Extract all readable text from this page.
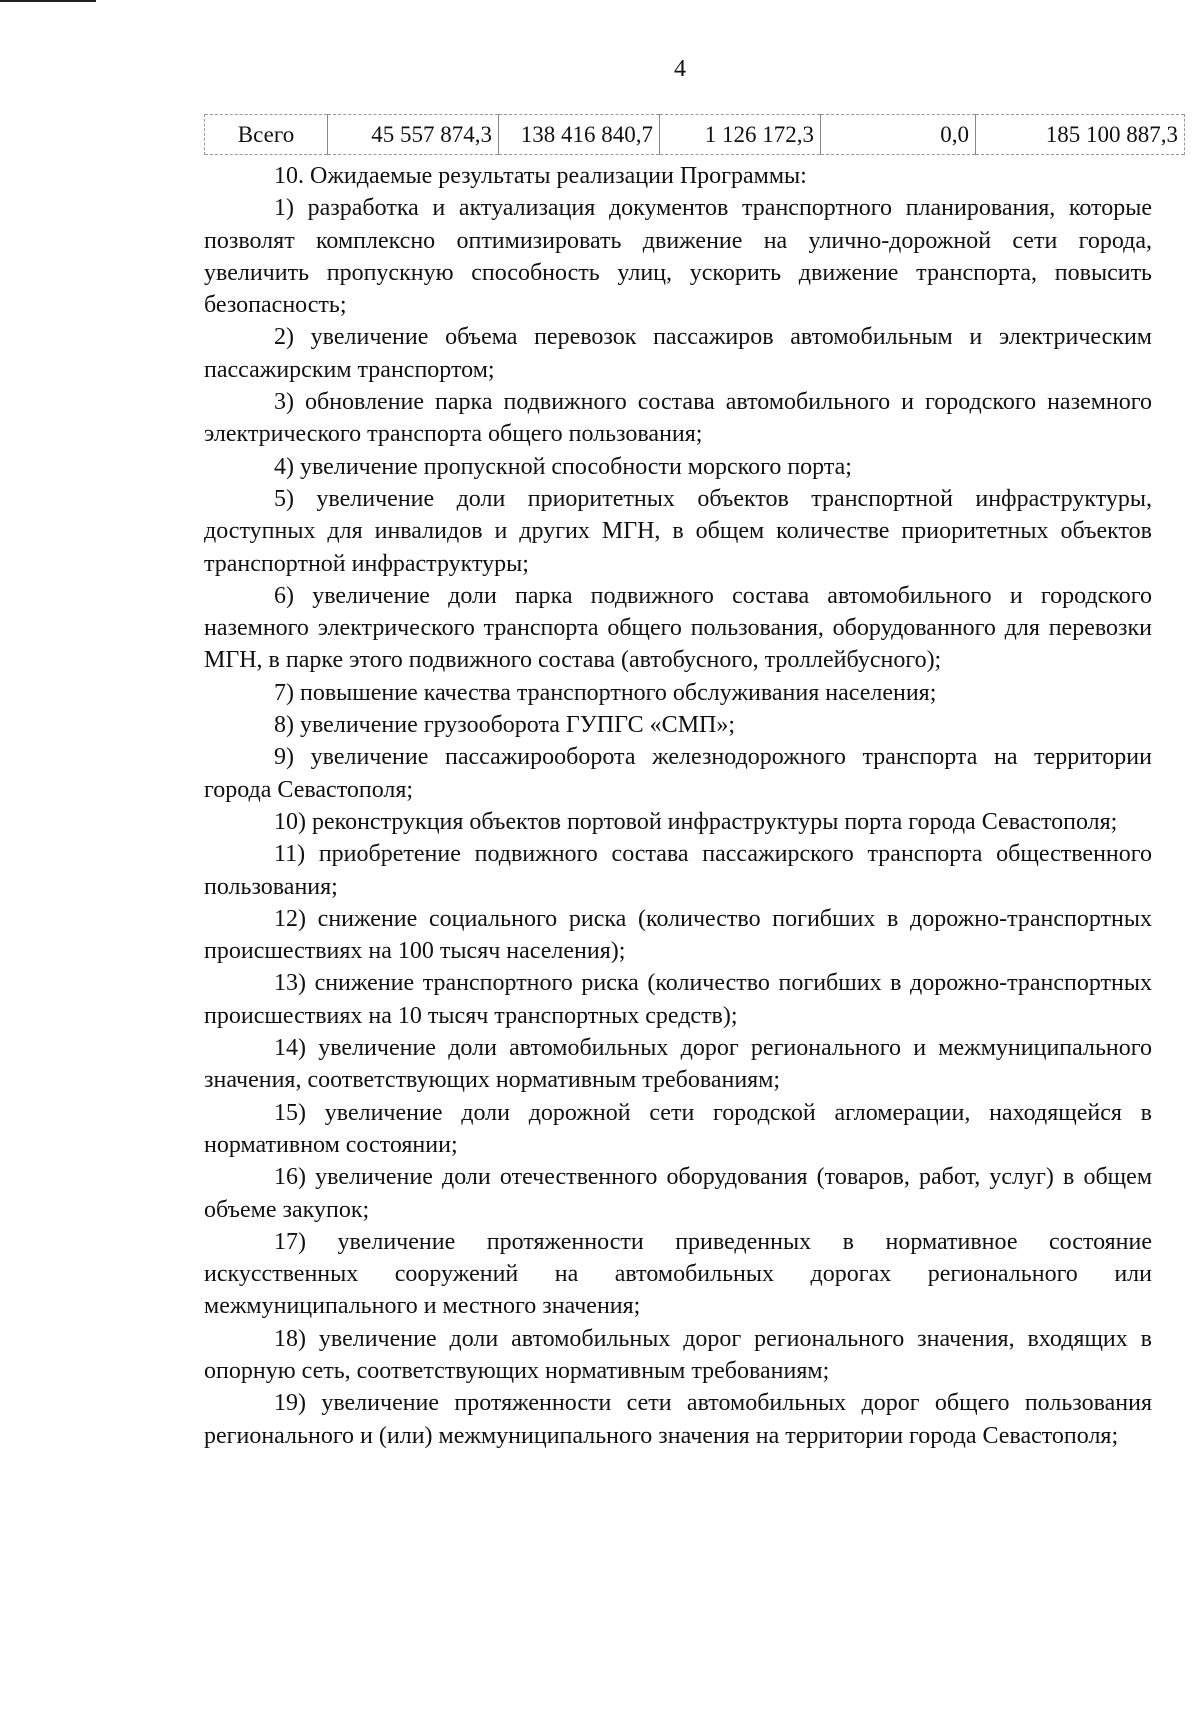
4
Всего	45 557 874,3	138 416 840,7	1 126 172,3	0,0	185 100 887,3

10. Ожидаемые результаты реализации Программы:

1) разработка и актуализация документов транспортного планирования, которые позволят комплексно оптимизировать движение на улично-дорожной сети города, увеличить пропускную способность улиц, ускорить движение транспорта, повысить безопасность;

2) увеличение объема перевозок пассажиров автомобильным и электрическим пассажирским транспортом;

3) обновление парка подвижного состава автомобильного и городского наземного электрического транспорта общего пользования;

4) увеличение пропускной способности морского порта;

5) увеличение доли приоритетных объектов транспортной инфраструктуры, доступных для инвалидов и других МГН, в общем количестве приоритетных объектов транспортной инфраструктуры;

6) увеличение доли парка подвижного состава автомобильного и городского наземного электрического транспорта общего пользования, оборудованного для перевозки МГН, в парке этого подвижного состава (автобусного, троллейбусного);

7) повышение качества транспортного обслуживания населения;

8) увеличение грузооборота ГУПГС «СМП»;

9) увеличение пассажирооборота железнодорожного транспорта на территории города Севастополя;

10) реконструкция объектов портовой инфраструктуры порта города Севастополя;

11) приобретение подвижного состава пассажирского транспорта общественного пользования;

12) снижение социального риска (количество погибших в дорожно-транспортных происшествиях на 100 тысяч населения);

13) снижение транспортного риска (количество погибших в дорожно-транспортных происшествиях на 10 тысяч транспортных средств);

14) увеличение доли автомобильных дорог регионального и межмуниципального значения, соответствующих нормативным требованиям;

15) увеличение доли дорожной сети городской агломерации, находящейся в нормативном состоянии;

16) увеличение доли отечественного оборудования (товаров, работ, услуг) в общем объеме закупок;

17) увеличение протяженности приведенных в нормативное состояние искусственных сооружений на автомобильных дорогах регионального или межмуниципального и местного значения;

18) увеличение доли автомобильных дорог регионального значения, входящих в опорную сеть, соответствующих нормативным требованиям;

19) увеличение протяженности сети автомобильных дорог общего пользования регионального и (или) межмуниципального значения на территории города Севастополя;
